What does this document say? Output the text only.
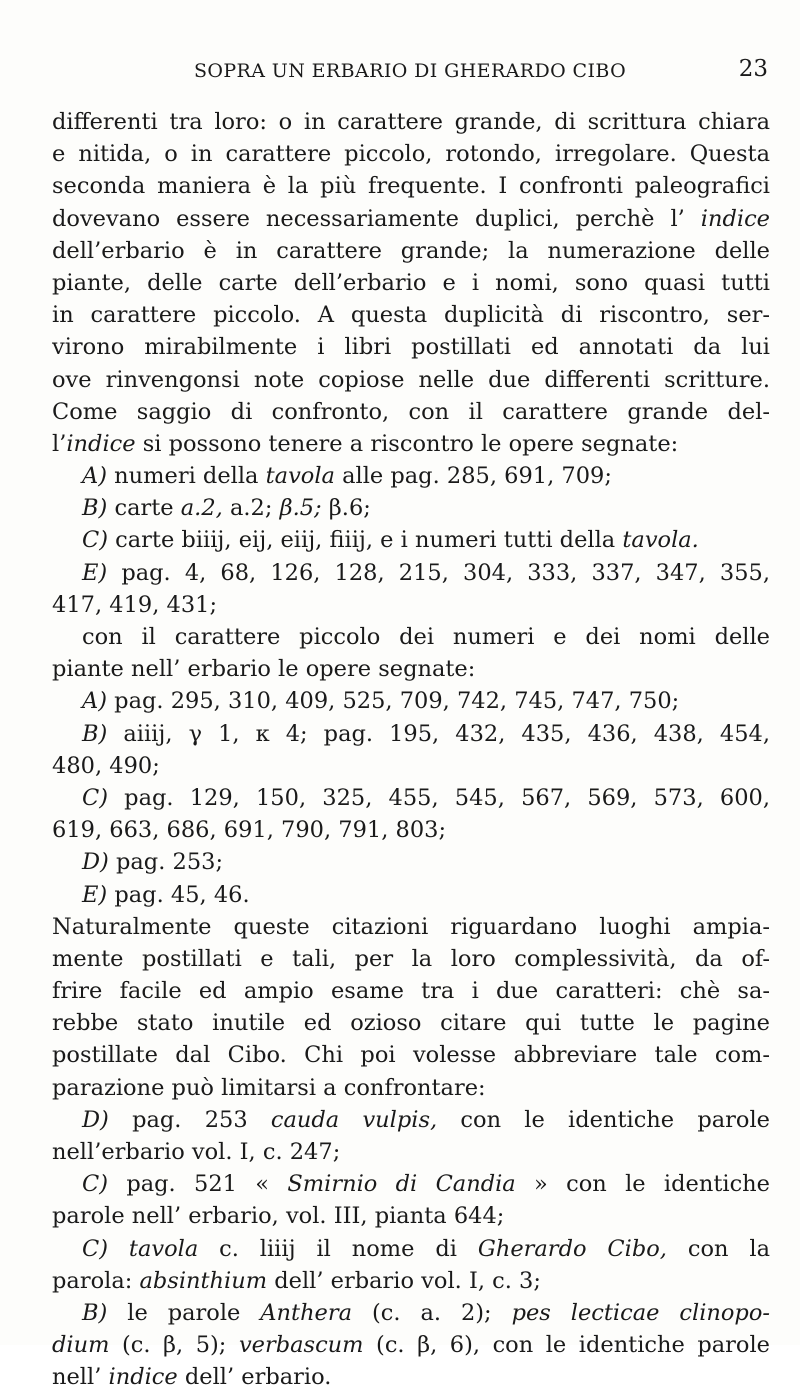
SOPRA UN ERBARIO DI GHERARDO CIBO	23
differenti tra loro: o in carattere grande, di scrittura chiara
e nitida, o in carattere piccolo, rotondo, irregolare. Questa
seconda maniera è la più frequente. I confronti paleografici
dovevano essere necessariamente duplici, perchè l’ indice
dell’erbario è in carattere grande; la numerazione delle
piante, delle carte dell’erbario e i nomi, sono quasi tutti
in carattere piccolo. A questa duplicità di riscontro, ser-
virono mirabilmente i libri postillati ed annotati da lui
ove rinvengonsi note copiose nelle due differenti scritture.
Come saggio di confronto, con il carattere grande del-
l’indice si possono tenere a riscontro le opere segnate:
A) numeri della tavola alle pag. 285, 691, 709;
B) carte a.2, a.2; β.5; β.6;
C) carte biiij, eij, eiij, fiiij, e i numeri tutti della tavola.
E) pag. 4, 68, 126, 128, 215, 304, 333, 337, 347, 355,
417, 419, 431;
con il carattere piccolo dei numeri e dei nomi delle
piante nell’ erbario le opere segnate:
A) pag. 295, 310, 409, 525, 709, 742, 745, 747, 750;
B) aiiij, γ 1, κ 4; pag. 195, 432, 435, 436, 438, 454,
480, 490;
C) pag. 129, 150, 325, 455, 545, 567, 569, 573, 600,
619, 663, 686, 691, 790, 791, 803;
D) pag. 253;
E) pag. 45, 46.
Naturalmente queste citazioni riguardano luoghi ampia-
mente postillati e tali, per la loro complessività, da of-
frire facile ed ampio esame tra i due caratteri: chè sa-
rebbe stato inutile ed ozioso citare qui tutte le pagine
postillate dal Cibo. Chi poi volesse abbreviare tale com-
parazione può limitarsi a confrontare:
D) pag. 253 cauda vulpis, con le identiche parole
nell’erbario vol. I, c. 247;
C) pag. 521 « Smirnio di Candia » con le identiche
parole nell’ erbario, vol. III, pianta 644;
C) tavola c. liiij il nome di Gherardo Cibo, con la
parola: absinthium dell’ erbario vol. I, c. 3;
B) le parole Anthera (c. a. 2); pes lecticae clinopo-
dium (c. β, 5); verbascum (c. β, 6), con le identiche parole
nell’ indice dell’ erbario.
